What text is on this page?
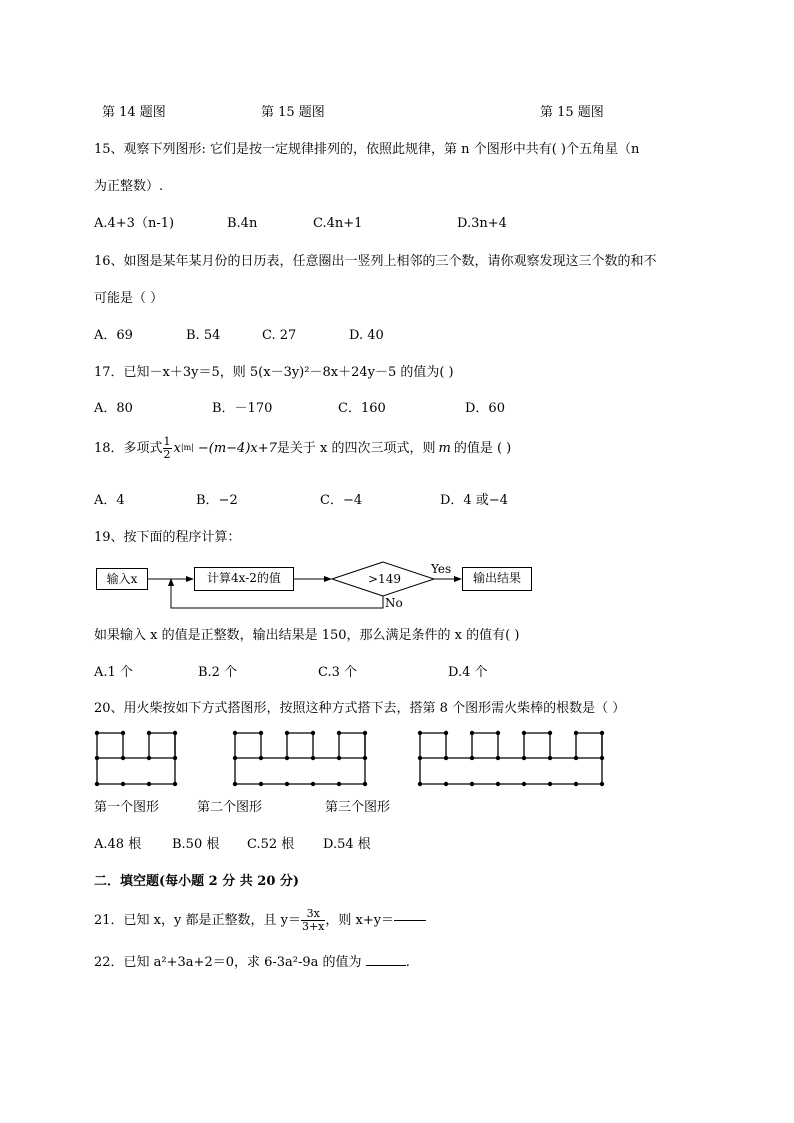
第 14 题图	第 15 题图	第 15 题图
15、观察下列图形: 它们是按一定规律排列的，依照此规律，第 n 个图形中共有( )个五角星（n
为正整数）.
A.4+3（n-1)	B.4n	C.4n+1	D.3n+4
16、如图是某年某月份的日历表，任意圈出一竖列上相邻的三个数，请你观察发现这三个数的和不
可能是（ ）
A．69	B. 54	C. 27	D. 40
17．已知－x＋3y＝5，则 5(x－3y)²－8x＋24y－5 的值为( )
A．80	B．－170	C．160	D．60
18．多项式 $\frac{1}{2}$ x |m| −(m−4)x+7 是关于 x 的四次三项式，则 m 的值是 ( )
A．4	B．−2	C．−4	D．4 或−4
19、按下面的程序计算：
输入x	计算4x-2的值	输出结果
>149
Yes
No
如果输入 x 的值是正整数，输出结果是 150，那么满足条件的 x 的值有( )
A.1 个	B.2 个	C.3 个	D.4 个
20、用火柴按如下方式搭图形，按照这种方式搭下去，搭第 8 个图形需火柴棒的根数是（ ）
第一个图形	第二个图形	第三个图形
A.48 根 B.50 根 C.52 根 D.54 根
二．填空题(每小题 2 分 共 20 分)
21．已知 x，y 都是正整数，且 $y= \frac{3x}{3+x}$ ，则 x+y＝
22．已知 a²+3a+2＝0，求 6-3a²-9a 的值为	.
